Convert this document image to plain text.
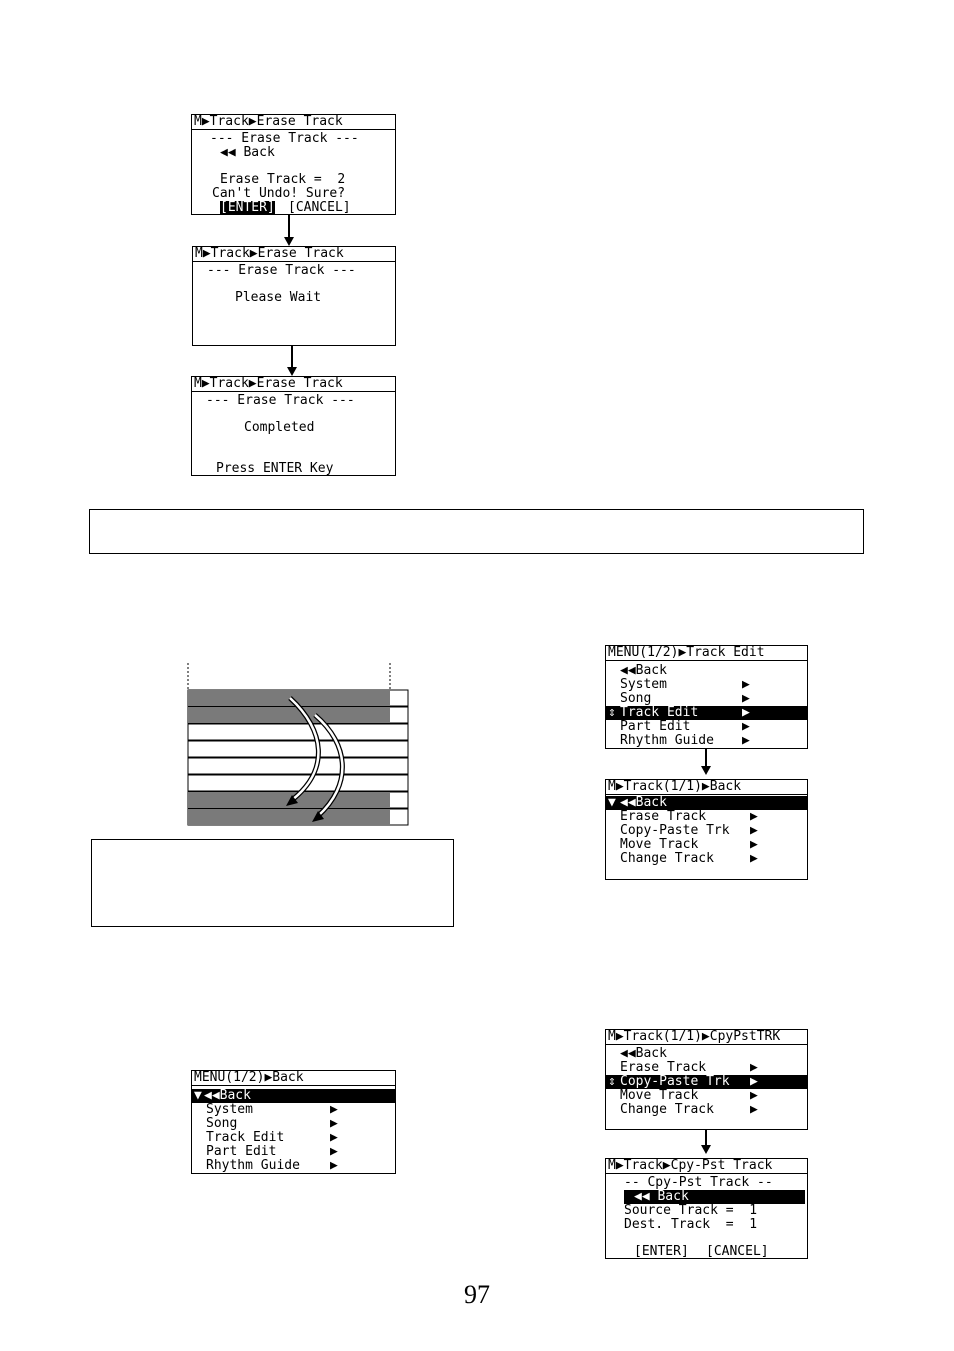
M▶Track▶Erase Track
--- Erase Track ---
◀◀ Back
Erase Track =  2
Can't Undo! Sure?

[ENTER]

[CANCEL]

M▶Track▶Erase Track
--- Erase Track ---
Please Wait
M▶Track▶Erase Track
--- Erase Track ---
Completed
Press ENTER Key
MENU(1/2)▶Track Edit
◀◀Back
System	▶
Song	▶
⇕ Track Edit	▶
Part Edit	▶
Rhythm Guide ▶
M▶Track(1/1)▶Back
▼ ◀◀Back
Erase Track	▶
Copy-Paste Trk ▶
Move Track	▶
Change Track	▶
MENU(1/2)▶Back
▼ ◀◀Back
System	▶
Song	▶
Track Edit	▶
Part Edit	▶
Rhythm Guide ▶
M▶Track(1/1)▶CpyPstTRK
◀◀Back
Erase Track	▶
⇕ Copy-Paste Trk ▶
Move Track	▶
Change Track	▶
M▶Track▶Cpy-Pst Track
-- Cpy-Pst Track --
◀◀ Back
Source Track =  1
Dest. Track  =  1

[ENTER]

[CANCEL]

97
